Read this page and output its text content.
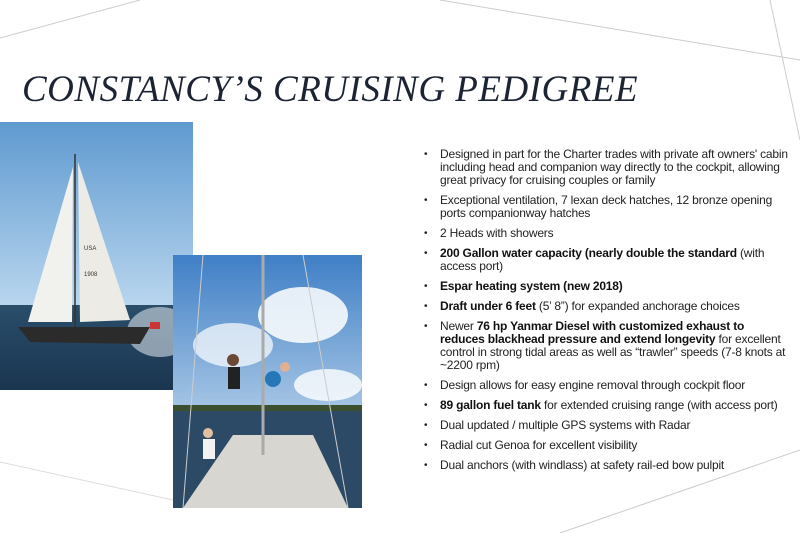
CONSTANCY’S CRUISING PEDIGREE
USA
1908
• Designed in part for the Charter trades with private aft owners' cabin including head and companion way directly to the cockpit, allowing great privacy for cruising couples or family
• Exceptional ventilation, 7 lexan deck hatches, 12 bronze opening ports companionway hatches
• 2 Heads with showers
• 200 Gallon water capacity (nearly double the standard (with access port)
• Espar heating system (new 2018)
• Draft under 6 feet (5’ 8”) for expanded anchorage choices
• Newer 76 hp Yanmar Diesel with customized exhaust to reduces blackhead pressure and extend longevity for excellent control in strong tidal areas as well as “trawler” speeds (7-8 knots at ~2200 rpm)
• Design allows for easy engine removal through cockpit floor
• 89 gallon fuel tank for extended cruising range (with access port)
• Dual updated / multiple GPS systems with Radar
• Radial cut Genoa for excellent visibility
• Dual anchors (with windlass) at safety rail-ed bow pulpit
